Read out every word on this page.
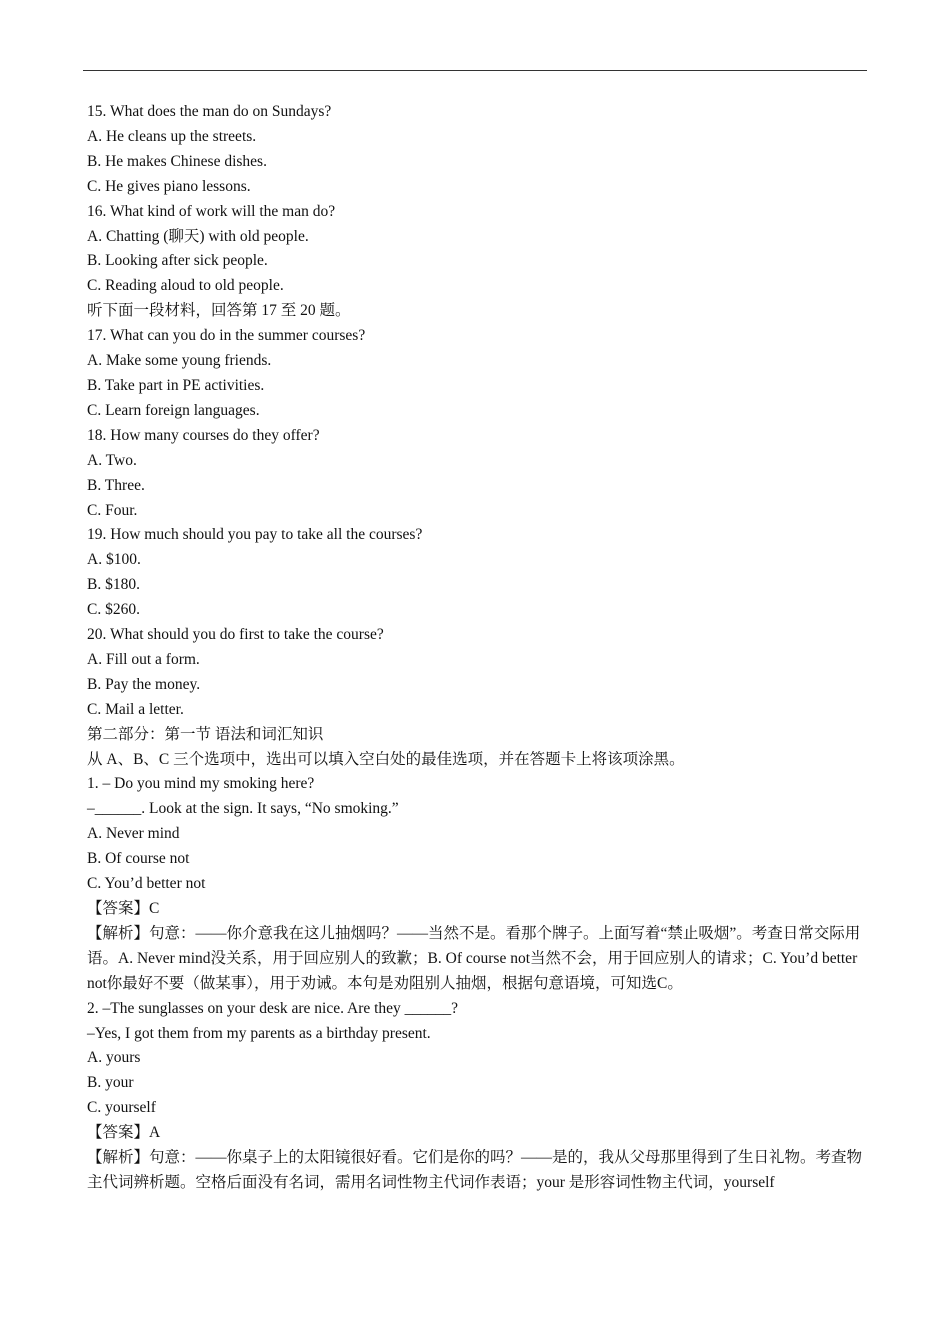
15. What does the man do on Sundays?
A. He cleans up the streets.
B. He makes Chinese dishes.
C. He gives piano lessons.
16. What kind of work will the man do?
A. Chatting (聊天) with old people.
B. Looking after sick people.
C. Reading aloud to old people.
听下面一段材料，回答第 17 至 20 题。
17. What can you do in the summer courses?
A. Make some young friends.
B. Take part in PE activities.
C. Learn foreign languages.
18. How many courses do they offer?
A. Two.
B. Three.
C. Four.
19. How much should you pay to take all the courses?
A. $100.
B. $180.
C. $260.
20. What should you do first to take the course?
A. Fill out a form.
B. Pay the money.
C. Mail a letter.
第二部分：第一节 语法和词汇知识
从 A、B、C 三个选项中，选出可以填入空白处的最佳选项，并在答题卡上将该项涂黑。
1. – Do you mind my smoking here?
–______. Look at the sign. It says, “No smoking.”
A. Never mind
B. Of course not
C. You’d better not
【答案】C
【解析】句意：——你介意我在这儿抽烟吗？——当然不是。看那个牌子。上面写着“禁止吸烟”。考查日常交际用语。A. Never mind没关系，用于回应别人的致歉；B. Of course not当然不会，用于回应别人的请求；C. You’d better not你最好不要（做某事），用于劝诫。本句是劝阻别人抽烟，根据句意语境，可知选C。
2. –The sunglasses on your desk are nice. Are they ______?
–Yes, I got them from my parents as a birthday present.
A. yours
B. your
C. yourself
【答案】A
【解析】句意：——你桌子上的太阳镜很好看。它们是你的吗？——是的，我从父母那里得到了生日礼物。考查物主代词辨析题。空格后面没有名词，需用名词性物主代词作表语；your 是形容词性物主代词，yourself
